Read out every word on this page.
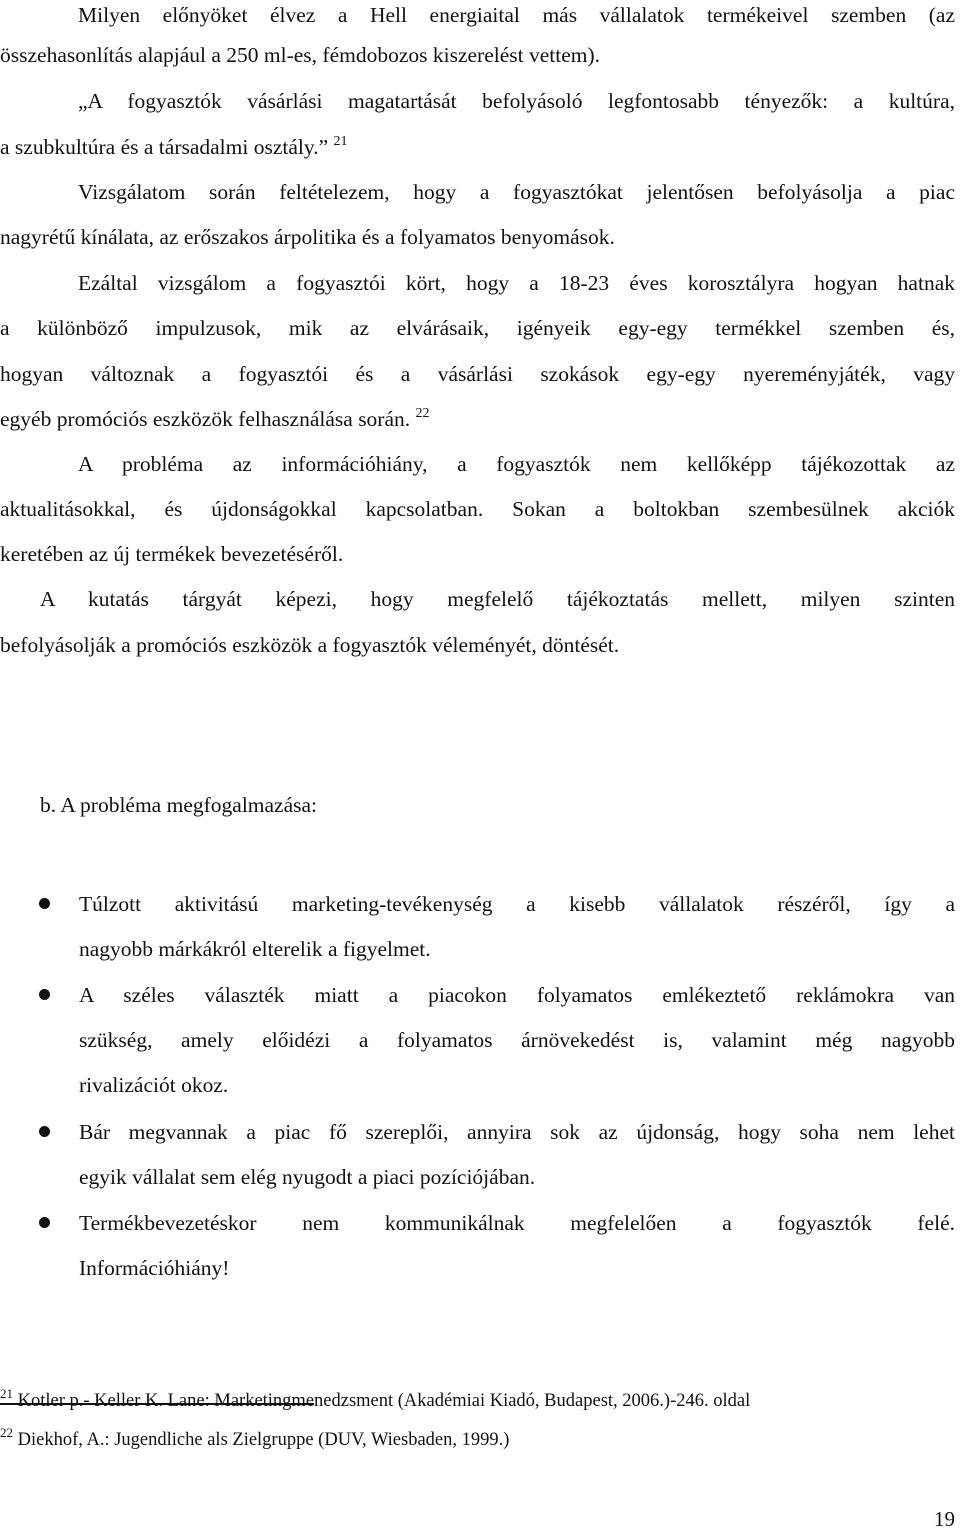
Milyen előnyöket élvez a Hell energiaital más vállalatok termékeivel szemben (az
összehasonlítás alapjául a 250 ml-es, fémdobozos kiszerelést vettem).
„A fogyasztók vásárlási magatartását befolyásoló legfontosabb tényezők: a kultúra,
a szubkultúra és a társadalmi osztály.” $^{21}$
Vizsgálatom során feltételezem, hogy a fogyasztókat jelentősen befolyásolja a piac
nagyrétű kínálata, az erőszakos árpolitika és a folyamatos benyomások.
Ezáltal vizsgálom a fogyasztói kört, hogy a 18-23 éves korosztályra hogyan hatnak
a különböző impulzusok, mik az elvárásaik, igényeik egy-egy termékkel szemben és,
hogyan változnak a fogyasztói és a vásárlási szokások egy-egy nyereményjáték, vagy
egyéb promóciós eszközök felhasználása során. $^{22}$
A probléma az információhiány, a fogyasztók nem kellőképp tájékozottak az
aktualitásokkal, és újdonságokkal kapcsolatban. Sokan a boltokban szembesülnek akciók
keretében az új termékek bevezetéséről.
A kutatás tárgyát képezi, hogy megfelelő tájékoztatás mellett, milyen szinten
befolyásolják a promóciós eszközök a fogyasztók véleményét, döntését.
b. A probléma megfogalmazása:
Túlzott aktivitású marketing-tevékenység a kisebb vállalatok részéről, így a
nagyobb márkákról elterelik a figyelmet.
A széles választék miatt a piacokon folyamatos emlékeztető reklámokra van
szükség, amely előidézi a folyamatos árnövekedést is, valamint még nagyobb
rivalizációt okoz.
Bár megvannak a piac fő szereplői, annyira sok az újdonság, hogy soha nem lehet
egyik vállalat sem elég nyugodt a piaci pozíciójában.
Termékbevezetéskor nem kommunikálnak megfelelően a fogyasztók felé.
Információhiány!
$^{21}$ Kotler p.- Keller K. Lane: Marketingmenedzsment (Akadémiai Kiadó, Budapest, 2006.)-246. oldal
$^{22}$ Diekhof, A.: Jugendliche als Zielgruppe (DUV, Wiesbaden, 1999.)
19
